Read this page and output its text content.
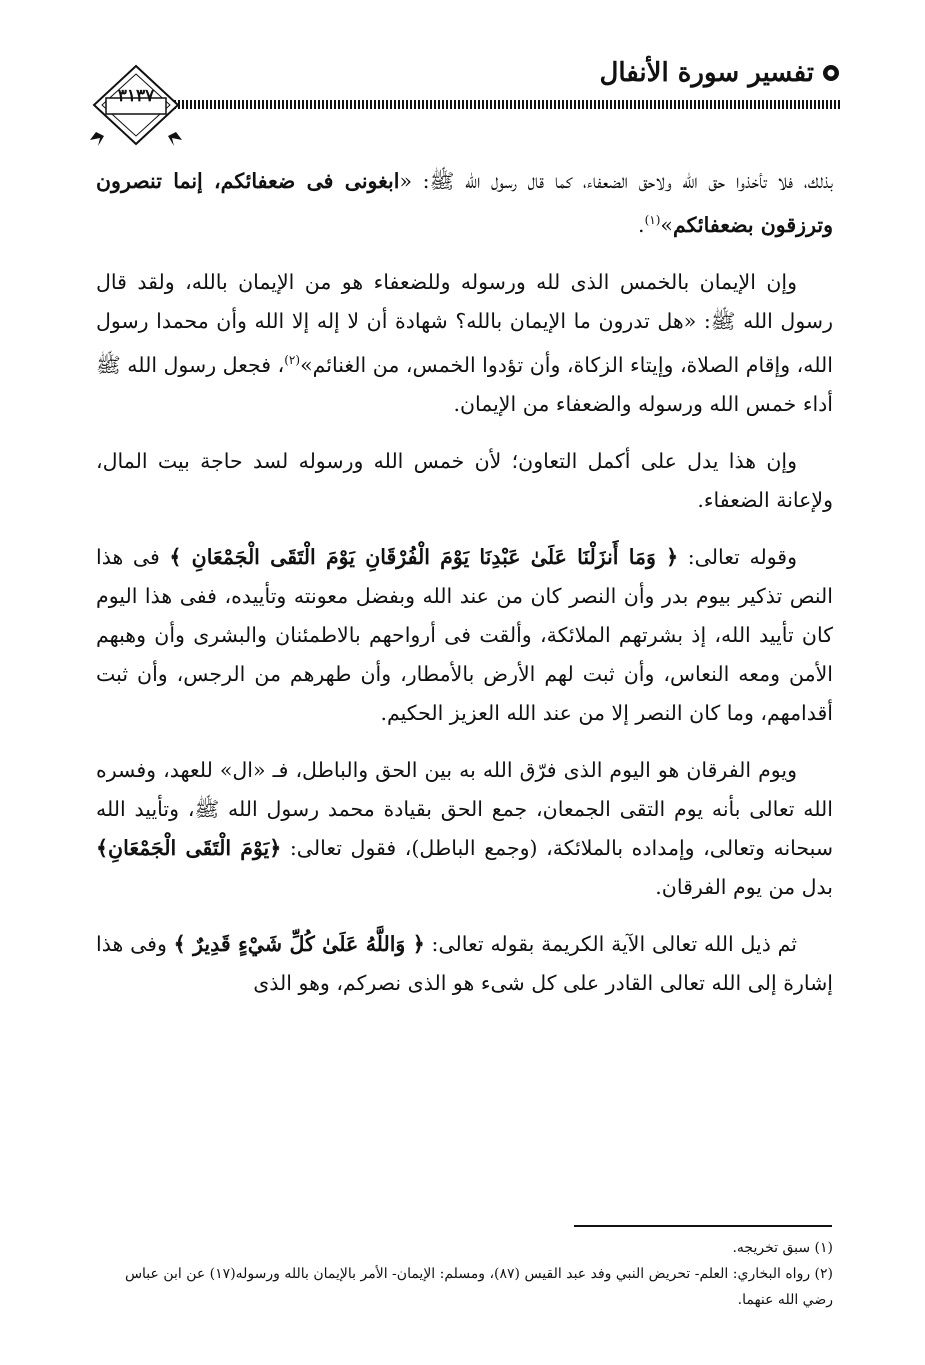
تفسير سورة الأنفال
٣١٣٧

بذلك، فلا تأخذوا حق الله ولاحق الضعفاء، كما قال رسول الله ﷺ: «ابغونى فى ضعفائكم، إنما تنصرون وترزقون بضعفائكم»$^{(١)}$.

وإن الإيمان بالخمس الذى لله ورسوله وللضعفاء هو من الإيمان بالله، ولقد قال رسول الله ﷺ: «هل تدرون ما الإيمان بالله؟ شهادة أن لا إله إلا الله وأن محمدا رسول الله، وإقام الصلاة، وإيتاء الزكاة، وأن تؤدوا الخمس، من الغنائم»$^{(٢)}$، فجعل رسول الله ﷺ أداء خمس الله ورسوله والضعفاء من الإيمان.

وإن هذا يدل على أكمل التعاون؛ لأن خمس الله ورسوله لسد حاجة بيت المال، ولإعانة الضعفاء.

وقوله تعالى: ﴿ وَمَا أَنزَلْنَا عَلَىٰ عَبْدِنَا يَوْمَ الْفُرْقَانِ يَوْمَ الْتَقَى الْجَمْعَانِ ﴾ فى هذا النص تذكير بيوم بدر وأن النصر كان من عند الله وبفضل معونته وتأييده، ففى هذا اليوم كان تأييد الله، إذ بشرتهم الملائكة، وألقت فى أرواحهم بالاطمئنان والبشرى وأن وهبهم الأمن ومعه النعاس، وأن ثبت لهم الأرض بالأمطار، وأن طهرهم من الرجس، وأن ثبت أقدامهم، وما كان النصر إلا من عند الله العزيز الحكيم.

ويوم الفرقان هو اليوم الذى فرّق الله به بين الحق والباطل، فـ «ال» للعهد، وفسره الله تعالى بأنه يوم التقى الجمعان، جمع الحق بقيادة محمد رسول الله ﷺ، وتأييد الله سبحانه وتعالى، وإمداده بالملائكة، (وجمع الباطل)، فقول تعالى: ﴿يَوْمَ الْتَقَى الْجَمْعَانِ﴾ بدل من يوم الفرقان.

ثم ذيل الله تعالى الآية الكريمة بقوله تعالى: ﴿ وَاللَّهُ عَلَىٰ كُلِّ شَيْءٍ قَدِيرٌ ﴾ وفى هذا إشارة إلى الله تعالى القادر على كل شىء هو الذى نصركم، وهو الذى

(١) سبق تخريجه.
(٢) رواه البخاري: العلم- تحريض النبي وفد عبد القيس (٨٧)، ومسلم: الإيمان- الأمر بالإيمان بالله ورسوله(١٧) عن ابن عباس رضي الله عنهما.
